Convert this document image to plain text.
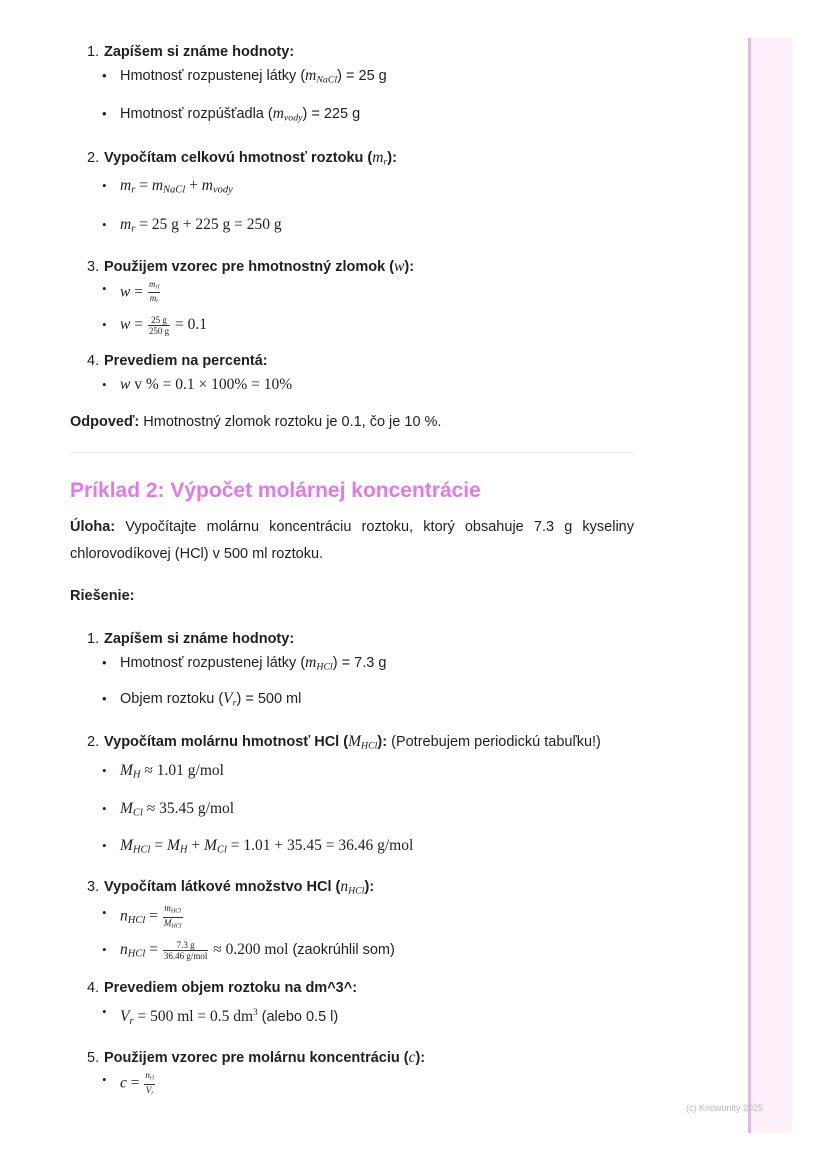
1. Zapíšem si známe hodnoty:
• Hmotnosť rozpustenej látky $(m_{NaCl}) = 25$ g
• Hmotnosť rozpúšťadla $(m_{vody}) = 225$ g
2. Vypočítam celkovú hmotnosť roztoku $(m_r)$:
• $m_r = m_{NaCl} + m_{vody}$
• $m_r = 25$ g + 225 g = 250 g
3. Použijem vzorec pre hmotnostný zlomok (w):
• $w = \frac{m_{rl}}{m_r}$
• $w = \frac{25 g}{250 g} = 0.1$
4. Prevediem na percentá:
• w v % = 0.1 × 100% = 10%

Odpoveď: Hmotnostný zlomok roztoku je 0.1, čo je 10 %.

Príklad 2: Výpočet molárnej koncentrácie

Úloha: Vypočítajte molárnu koncentráciu roztoku, ktorý obsahuje 7.3 g kyseliny chlorovodíkovej (HCl) v 500 ml roztoku.

Riešenie:

1. Zapíšem si známe hodnoty:
• Hmotnosť rozpustenej látky $(m_{HCl}) = 7.3$ g
• Objem roztoku $(V_r) = 500$ ml
2. Vypočítam molárnu hmotnosť HCl $(M_{HCl})$: (Potrebujem periodickú tabuľku!)
• $M_H \approx 1.01$ g/mol
• $M_{Cl} \approx 35.45$ g/mol
• $M_{HCl} = M_H + M_{Cl} = 1.01 + 35.45 = 36.46$ g/mol
3. Vypočítam látkové množstvo HCl $(n_{HCl})$:
• $n_{HCl} = \frac{m_{HCl}}{M_{HCl}}$
• $n_{HCl} = \frac{7.3 g}{\text{36.46 g/mol}} \approx 0.200$ mol (zaokrúhlil som)
4. Prevediem objem roztoku na dm^3^:
• $V_r = 500$ ml = 0.5 $dm^3$ (alebo 0.5 l)
5. Použijem vzorec pre molárnu koncentráciu (c):
• $c = \frac{n_{rl}}{V_r}$
(c) Knowunity 2025
